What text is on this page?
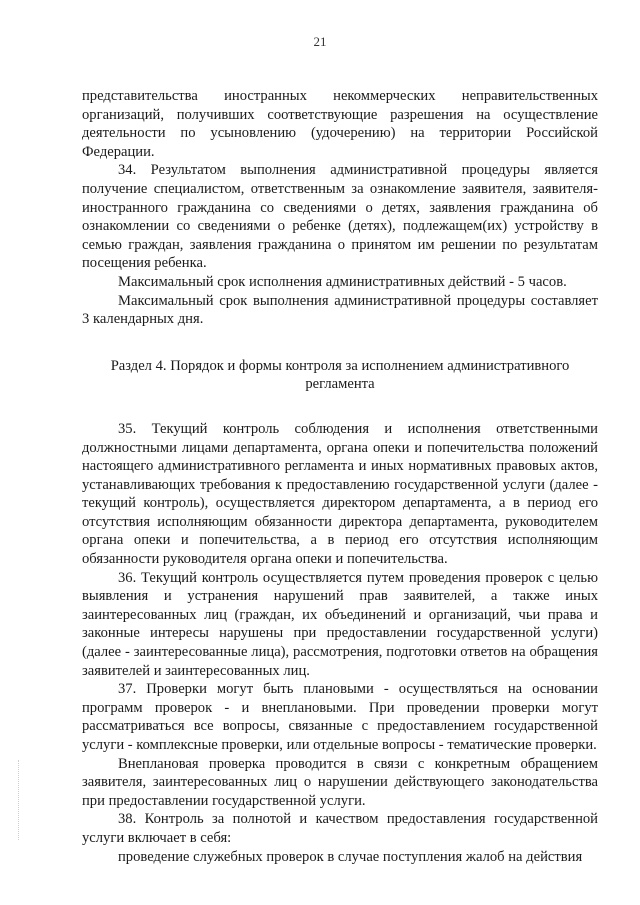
21

представительства иностранных некоммерческих неправительственных организаций, получивших соответствующие разрешения на осуществление деятельности по усыновлению (удочерению) на территории Российской Федерации.

34. Результатом выполнения административной процедуры является получение специалистом, ответственным за ознакомление заявителя, заявителя-иностранного гражданина со сведениями о детях, заявления гражданина об ознакомлении со сведениями о ребенке (детях), подлежащем(их) устройству в семью граждан, заявления гражданина о принятом им решении по результатам посещения ребенка.

Максимальный срок исполнения административных действий - 5 часов.

Максимальный срок выполнения административной процедуры составляет 3 календарных дня.

Раздел 4. Порядок и формы контроля за исполнением административного регламента

35. Текущий контроль соблюдения и исполнения ответственными должностными лицами департамента, органа опеки и попечительства положений настоящего административного регламента и иных нормативных правовых актов, устанавливающих требования к предоставлению государственной услуги (далее - текущий контроль), осуществляется директором департамента, а в период его отсутствия исполняющим обязанности директора департамента, руководителем органа опеки и попечительства, а в период его отсутствия исполняющим обязанности руководителя органа опеки и попечительства.

36. Текущий контроль осуществляется путем проведения проверок с целью выявления и устранения нарушений прав заявителей, а также иных заинтересованных лиц (граждан, их объединений и организаций, чьи права и законные интересы нарушены при предоставлении государственной услуги) (далее - заинтересованные лица), рассмотрения, подготовки ответов на обращения заявителей и заинтересованных лиц.

37. Проверки могут быть плановыми - осуществляться на основании программ проверок - и внеплановыми. При проведении проверки могут рассматриваться все вопросы, связанные с предоставлением государственной услуги - комплексные проверки, или отдельные вопросы - тематические проверки.

Внеплановая проверка проводится в связи с конкретным обращением заявителя, заинтересованных лиц о нарушении действующего законодательства при предоставлении государственной услуги.

38. Контроль за полнотой и качеством предоставления государственной услуги включает в себя:

проведение служебных проверок в случае поступления жалоб на действия
